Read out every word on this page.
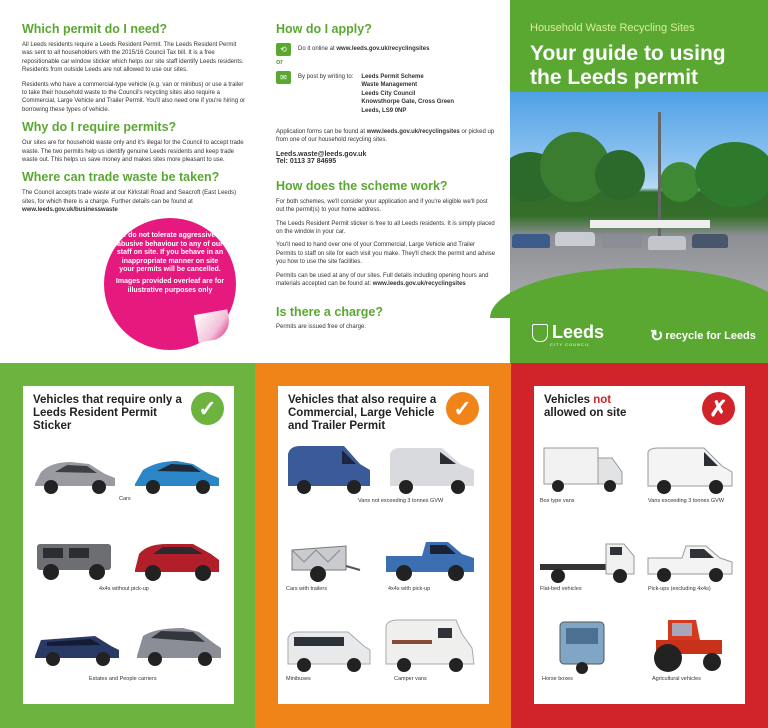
Which permit do I need?

All Leeds residents require a Leeds Resident Permit. The Leeds Resident Permit was sent to all householders with the 2015/16 Council Tax bill. It is a free repositionable car window sticker which helps our site staff identify Leeds residents. Residents from outside Leeds are not allowed to use our sites.

Residents who have a commercial-type vehicle (e.g. van or minibus) or use a trailer to take their household waste to the Council's recycling sites also require a Commercial, Large Vehicle and Trailer Permit. You'll also need one if you're hiring or borrowing these types of vehicle.

Why do I require permits?

Our sites are for household waste only and it's illegal for the Council to accept trade waste. The two permits help us identify genuine Leeds residents and keep trade waste out. This helps us save money and makes sites more pleasant to use.

Where can trade waste be taken?

The Council accepts trade waste at our Kirkstall Road and Seacroft (East Leeds) sites, for which there is a charge. Further details can be found at
www.leeds.gov.uk/businesswaste

We do not tolerate aggressive or abusive behaviour to any of our staff on site. If you behave in an inappropriate manner on site your permits will be cancelled.
Images provided overleaf are for illustrative purposes only
How do I apply?
⟲	Do it online at www.leeds.gov.uk/recyclingsites
or
✉	By post by writing to: Leeds Permit Scheme
Waste Management
Leeds City Council
Knowsthorpe Gate, Cross Green
Leeds, LS9 0NP

Application forms can be found at www.leeds.gov.uk/recyclingsites or picked up from one of our household recycling sites.

Leeds.waste@leeds.gov.uk
Tel: 0113 37 84695
How does the scheme work?

For both schemes, we'll consider your application and if you're eligible we'll post out the permit(s) to your home address.

The Leeds Resident Permit sticker is free to all Leeds residents. It is simply placed on the window in your car.

You'll need to hand over one of your Commercial, Large Vehicle and Trailer Permits to staff on site for each visit you make. They'll check the permit and advise you how to use the site facilities.

Permits can be used at any of our sites. Full details including opening hours and materials accepted can be found at: www.leeds.gov.uk/recyclingsites

Is there a charge?

Permits are issued free of charge.

Household Waste Recycling Sites
Your guide to using the Leeds permit
Leeds
CITY COUNCIL	↻ recycle for Leeds
Vehicles that require only a Leeds Resident Permit Sticker
✓
Cars
4x4s without pick-up
Estates and People carriers
Vehicles that also require a Commercial, Large Vehicle and Trailer Permit
✓
Vans not exceeding 3 tonnes GVW
Cars with trailers	4x4s with pick-up
Minibuses	Camper vans
Vehicles not
allowed on site	✗
Box type vans	Vans exceeding 3 tonnes GVW
Flat-bed vehicles	Pick-ups (excluding 4x4s)
Horse boxes	Agricultural vehicles
